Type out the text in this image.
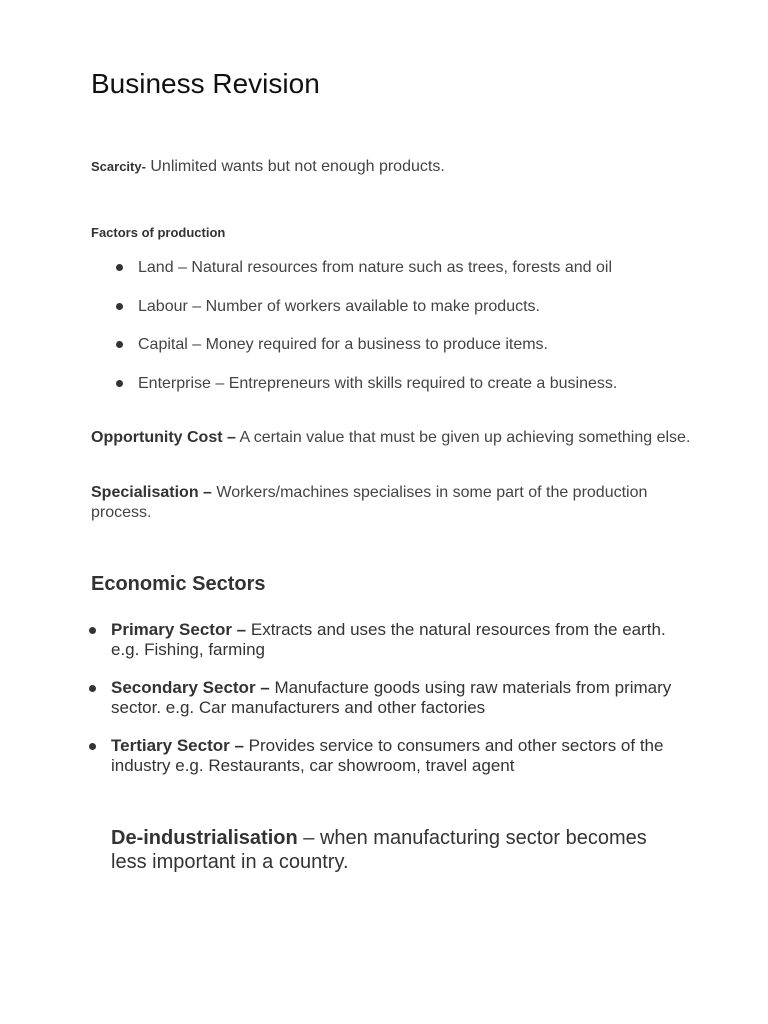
Business Revision

Scarcity- Unlimited wants but not enough products.

Factors of production
Land – Natural resources from nature such as trees, forests and oil
Labour – Number of workers available to make products.
Capital – Money required for a business to produce items.
Enterprise – Entrepreneurs with skills required to create a business.

Opportunity Cost – A certain value that must be given up achieving something else.

Specialisation – Workers/machines specialises in some part of the production process.

Economic Sectors
Primary Sector – Extracts and uses the natural resources from the earth. e.g. Fishing, farming
Secondary Sector – Manufacture goods using raw materials from primary sector. e.g. Car manufacturers and other factories
Tertiary Sector – Provides service to consumers and other sectors of the industry e.g. Restaurants, car showroom, travel agent

De-industrialisation – when manufacturing sector becomes less important in a country.
